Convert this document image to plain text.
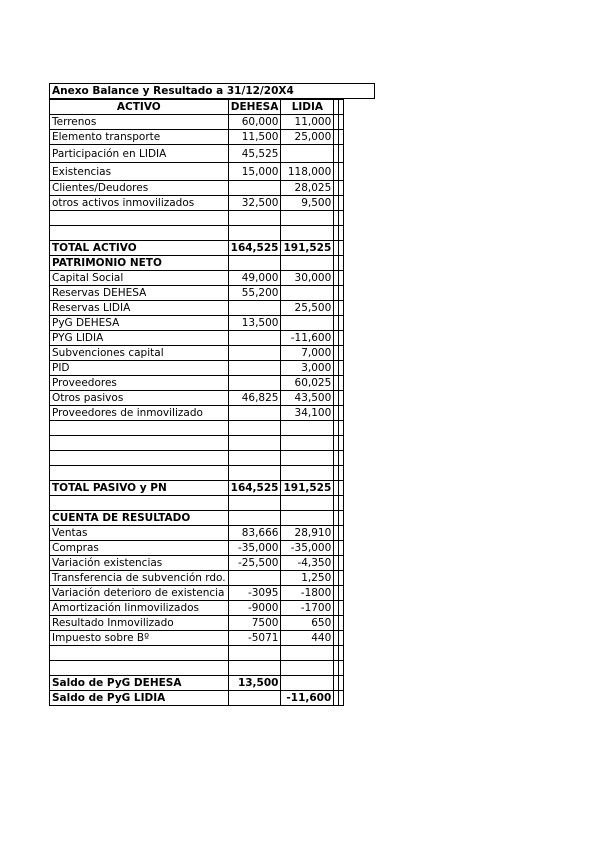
Anexo Balance y Resultado a 31/12/20X4
ACTIVO	DEHESA	LIDIA		
Terrenos	60,000	11,000		
Elemento transporte	11,500	25,000		
Participación en LIDIA	45,525			
Existencias	15,000	118,000		
Clientes/Deudores		28,025		
otros activos inmovilizados	32,500	9,500		

TOTAL ACTIVO	164,525	191,525		
PATRIMONIO NETO				
Capital Social	49,000	30,000		
Reservas DEHESA	55,200			
Reservas LIDIA		25,500		
PyG DEHESA	13,500			
PYG LIDIA		-11,600		
Subvenciones capital		7,000		
PID		3,000		
Proveedores		60,025		
Otros pasivos	46,825	43,500		
Proveedores de inmovilizado		34,100		

TOTAL PASIVO y PN	164,525	191,525		

CUENTA DE RESULTADO				
Ventas	83,666	28,910		
Compras	-35,000	-35,000		
Variación existencias	-25,500	-4,350		
Transferencia de subvención rdo.		1,250		
Variación deterioro de existencia	-3095	-1800		
Amortización Iinmovilizados	-9000	-1700		
Resultado Inmovilizado	7500	650		
Impuesto sobre Bº	-5071	440		

Saldo de PyG DEHESA	13,500			
Saldo de PyG LIDIA		-11,600		
